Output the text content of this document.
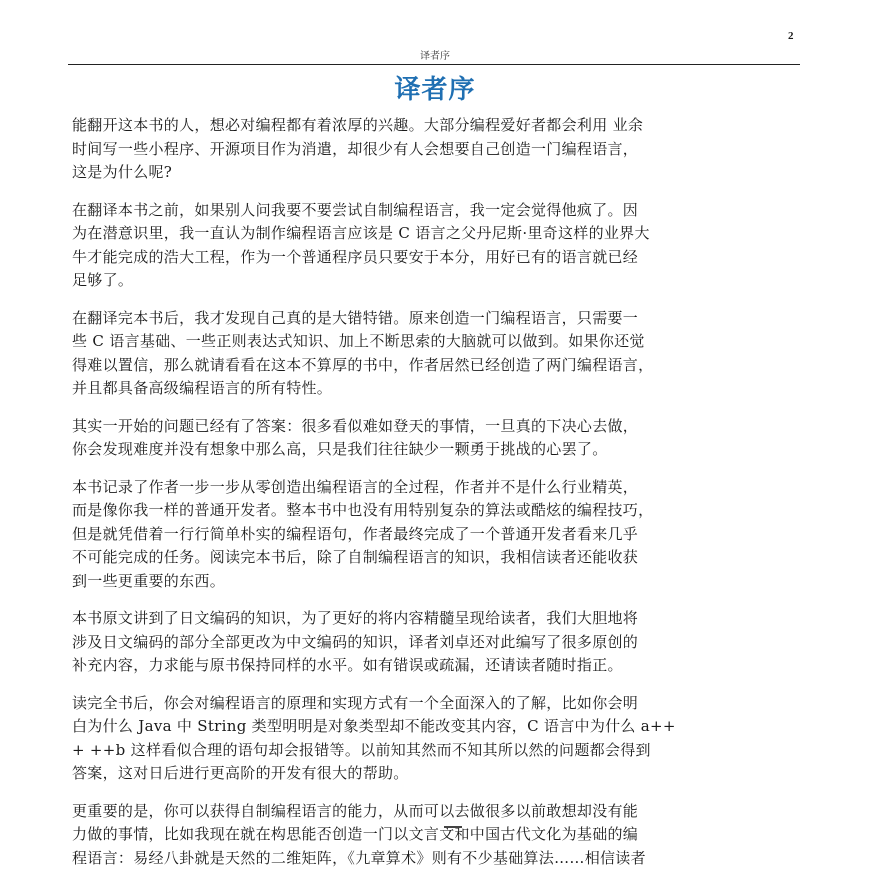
2
译者序
译者序

能翻开这本书的人，想必对编程都有着浓厚的兴趣。大部分编程爱好者都会利用 业余
时间写一些小程序、开源项目作为消遣，却很少有人会想要自己创造一门编程语言，
这是为什么呢?

在翻译本书之前，如果别人问我要不要尝试自制编程语言，我一定会觉得他疯了。因
为在潜意识里，我一直认为制作编程语言应该是 C 语言之父丹尼斯·里奇这样的业界大
牛才能完成的浩大工程，作为一个普通程序员只要安于本分，用好已有的语言就已经
足够了。

在翻译完本书后，我才发现自己真的是大错特错。原来创造一门编程语言，只需要一
些 C 语言基础、一些正则表达式知识、加上不断思索的大脑就可以做到。如果你还觉
得难以置信，那么就请看看在这本不算厚的书中，作者居然已经创造了两门编程语言，
并且都具备高级编程语言的所有特性。

其实一开始的问题已经有了答案：很多看似难如登天的事情，一旦真的下决心去做，
你会发现难度并没有想象中那么高，只是我们往往缺少一颗勇于挑战的心罢了。

本书记录了作者一步一步从零创造出编程语言的全过程，作者并不是什么行业精英，
而是像你我一样的普通开发者。整本书中也没有用特别复杂的算法或酷炫的编程技巧，
但是就凭借着一行行简单朴实的编程语句，作者最终完成了一个普通开发者看来几乎
不可能完成的任务。阅读完本书后，除了自制编程语言的知识，我相信读者还能收获
到一些更重要的东西。

本书原文讲到了日文编码的知识，为了更好的将内容精髓呈现给读者，我们大胆地将
涉及日文编码的部分全部更改为中文编码的知识，译者刘卓还对此编写了很多原创的
补充内容，力求能与原书保持同样的水平。如有错误或疏漏，还请读者随时指正。

读完全书后，你会对编程语言的原理和实现方式有一个全面深入的了解，比如你会明
白为什么 Java 中 String 类型明明是对象类型却不能改变其内容，C 语言中为什么 a++
+ ++b 这样看似合理的语句却会报错等。以前知其然而不知其所以然的问题都会得到
答案，这对日后进行更高阶的开发有很大的帮助。

更重要的是，你可以获得自制编程语言的能力，从而可以去做很多以前敢想却没有能
力做的事情，比如我现在就在构思能否创造一门以文言文和中国古代文化为基础的编
程语言：易经八卦就是天然的二维矩阵，《九章算术》则有不少基础算法……相信读者
